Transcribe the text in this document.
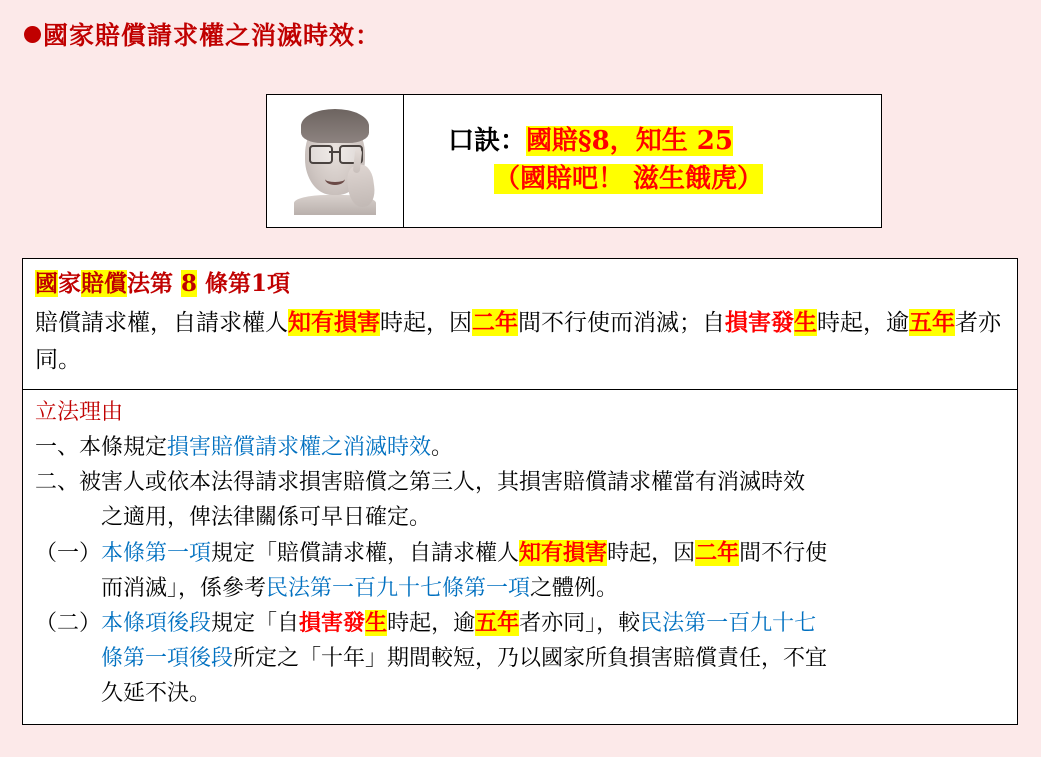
國家賠償請求權之消滅時效：
口訣：國賠§8，知生 25
（國賠吧！ 滋生餓虎）
國家賠償法第 8 條第1項
賠償請求權，自請求權人知有損害時起，因二年間不行使而消滅；自損害發生時起，逾五年者亦同。
立法理由
一、 本條規定損害賠償請求權之消滅時效。
二、 被害人或依本法得請求損害賠償之第三人，其損害賠償請求權當有消滅時效
之適用，俾法律關係可早日確定。
（一） 本條第一項規定「賠償請求權，自請求權人知有損害時起，因二年間不行使
而消滅」，係參考民法第一百九十七條第一項之體例。
（二） 本條項後段規定「自損害發生時起，逾五年者亦同」，較民法第一百九十七
條第一項後段所定之「十年」期間較短，乃以國家所負損害賠償責任，不宜
久延不決。
